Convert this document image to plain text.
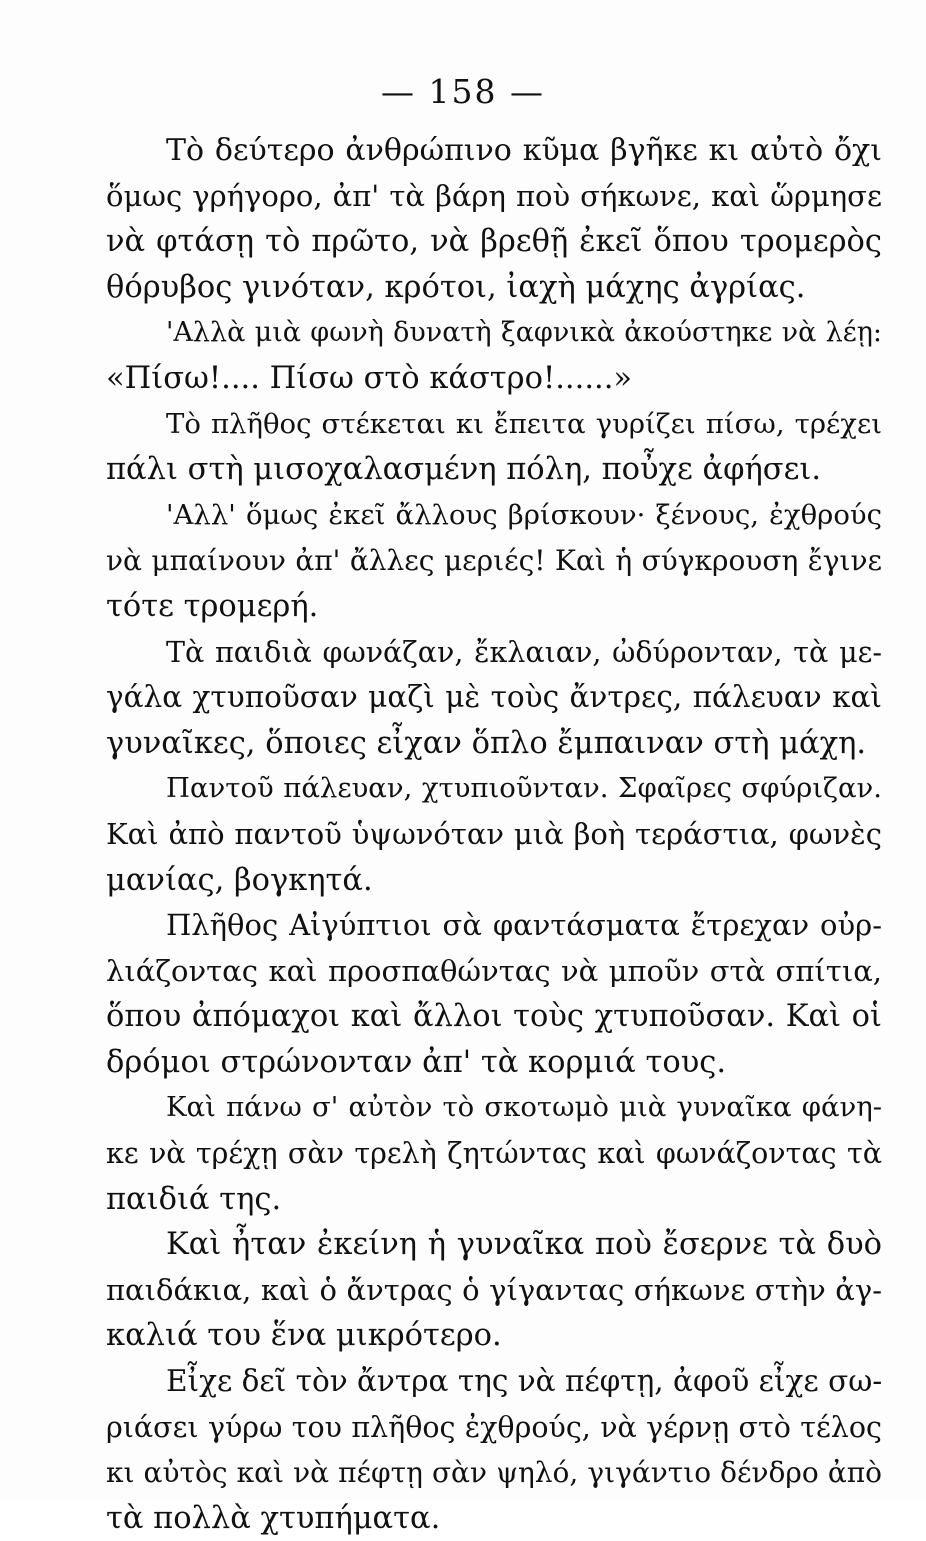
— 158 —
Τὸ δεύτερο ἀνθρώπινο κῦμα βγῆκε κι αὐτὸ ὄχι
ὅμως γρήγορο, ἀπ' τὰ βάρη ποὺ σήκωνε, καὶ ὥρμησε
νὰ φτάσῃ τὸ πρῶτο, νὰ βρεθῇ ἐκεῖ ὅπου τρομερὸς
θόρυβος γινόταν, κρότοι, ἰαχὴ μάχης ἀγρίας.
'Αλλὰ μιὰ φωνὴ δυνατὴ ξαφνικὰ ἀκούστηκε νὰ λέῃ:
«Πίσω!.... Πίσω στὸ κάστρο!......»
Τὸ πλῆθος στέκεται κι ἔπειτα γυρίζει πίσω, τρέχει
πάλι στὴ μισοχαλασμένη πόλη, ποὖχε ἀφήσει.
'Αλλ' ὅμως ἐκεῖ ἄλλους βρίσκουν· ξένους, ἐχθρούς
νὰ μπαίνουν ἀπ' ἄλλες μεριές! Καὶ ἡ σύγκρουση ἔγινε
τότε τρομερή.
Τὰ παιδιὰ φωνάζαν, ἔκλαιαν, ὠδύρονταν, τὰ με-
γάλα χτυποῦσαν μαζὶ μὲ τοὺς ἄντρες, πάλευαν καὶ
γυναῖκες, ὅποιες εἶχαν ὅπλο ἔμπαιναν στὴ μάχη.
Παντοῦ πάλευαν, χτυπιοῦνταν. Σφαῖρες σφύριζαν.
Καὶ ἀπὸ παντοῦ ὑψωνόταν μιὰ βοὴ τεράστια, φωνὲς
μανίας, βογκητά.
Πλῆθος Αἰγύπτιοι σὰ φαντάσματα ἔτρεχαν οὐρ-
λιάζοντας καὶ προσπαθώντας νὰ μποῦν στὰ σπίτια,
ὅπου ἀπόμαχοι καὶ ἄλλοι τοὺς χτυποῦσαν. Καὶ οἱ
δρόμοι στρώνονταν ἀπ' τὰ κορμιά τους.
Καὶ πάνω σ' αὐτὸν τὸ σκοτωμὸ μιὰ γυναῖκα φάνη-
κε νὰ τρέχῃ σὰν τρελὴ ζητώντας καὶ φωνάζοντας τὰ
παιδιά της.
Καὶ ἦταν ἐκείνη ἡ γυναῖκα ποὺ ἔσερνε τὰ δυὸ
παιδάκια, καὶ ὁ ἄντρας ὁ γίγαντας σήκωνε στὴν ἀγ-
καλιά του ἕνα μικρότερο.
Εἶχε δεῖ τὸν ἄντρα της νὰ πέφτῃ, ἀφοῦ εἶχε σω-
ριάσει γύρω του πλῆθος ἐχθρούς, νὰ γέρνῃ στὸ τέλος
κι αὐτὸς καὶ νὰ πέφτῃ σὰν ψηλό, γιγάντιο δένδρο ἀπὸ
τὰ πολλὰ χτυπήματα.
